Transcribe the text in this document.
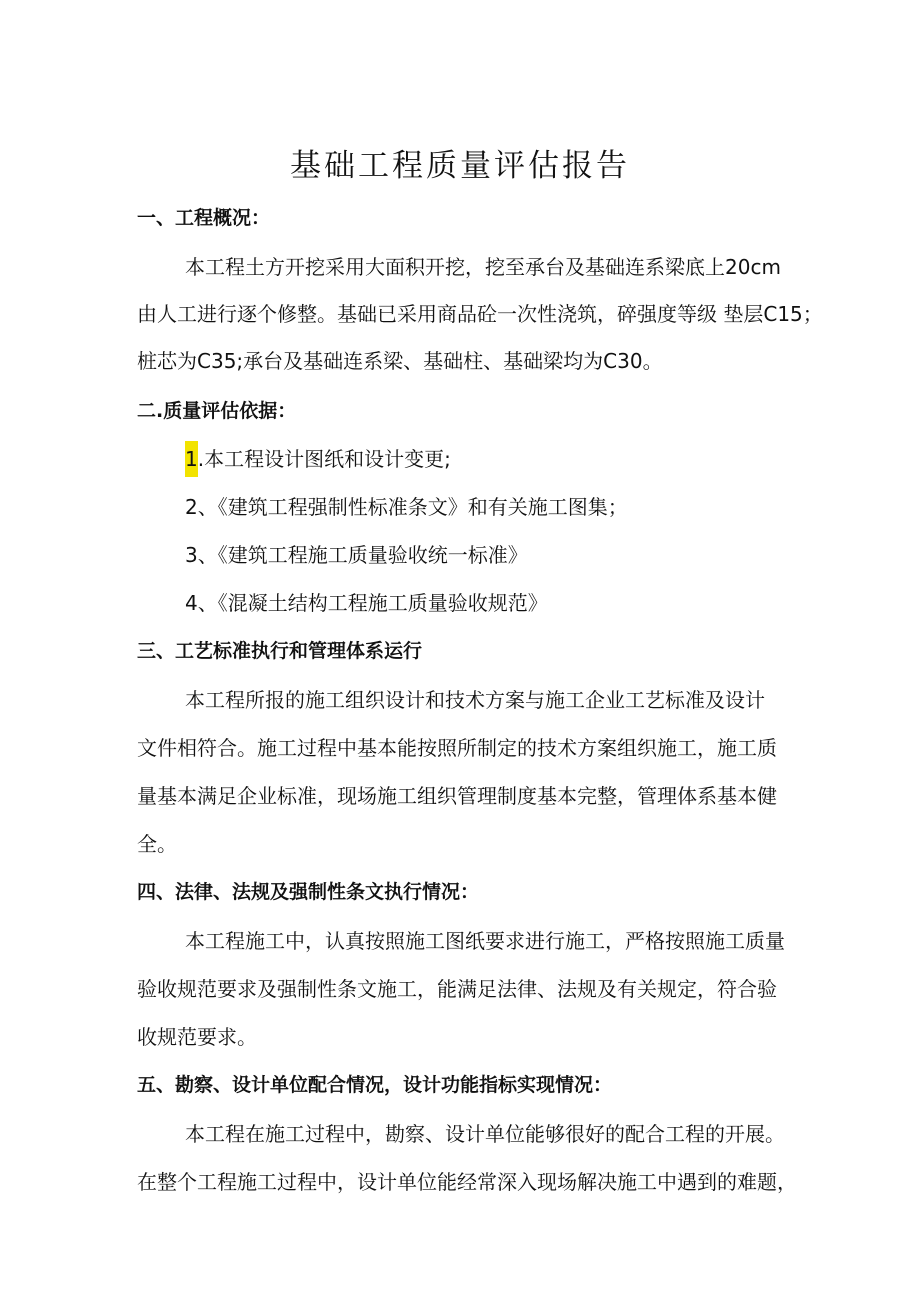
基础工程质量评估报告
一、工程概况：
本工程土方开挖采用大面积开挖，挖至承台及基础连系梁底上20cm
由人工进行逐个修整。基础已采用商品砼一次性浇筑，碎强度等级 垫层C15；
桩芯为C35;承台及基础连系梁、基础柱、基础梁均为C30。
二.质量评估依据：
1.本工程设计图纸和设计变更;
2、《建筑工程强制性标准条文》和有关施工图集；
3、《建筑工程施工质量验收统一标准》
4、《混凝土结构工程施工质量验收规范》
三、工艺标准执行和管理体系运行
本工程所报的施工组织设计和技术方案与施工企业工艺标准及设计
文件相符合。施工过程中基本能按照所制定的技术方案组织施工，施工质
量基本满足企业标准，现场施工组织管理制度基本完整，管理体系基本健
全。
四、法律、法规及强制性条文执行情况：
本工程施工中，认真按照施工图纸要求进行施工，严格按照施工质量
验收规范要求及强制性条文施工，能满足法律、法规及有关规定，符合验
收规范要求。
五、勘察、设计单位配合情况，设计功能指标实现情况：
本工程在施工过程中，勘察、设计单位能够很好的配合工程的开展。
在整个工程施工过程中，设计单位能经常深入现场解决施工中遇到的难题，
